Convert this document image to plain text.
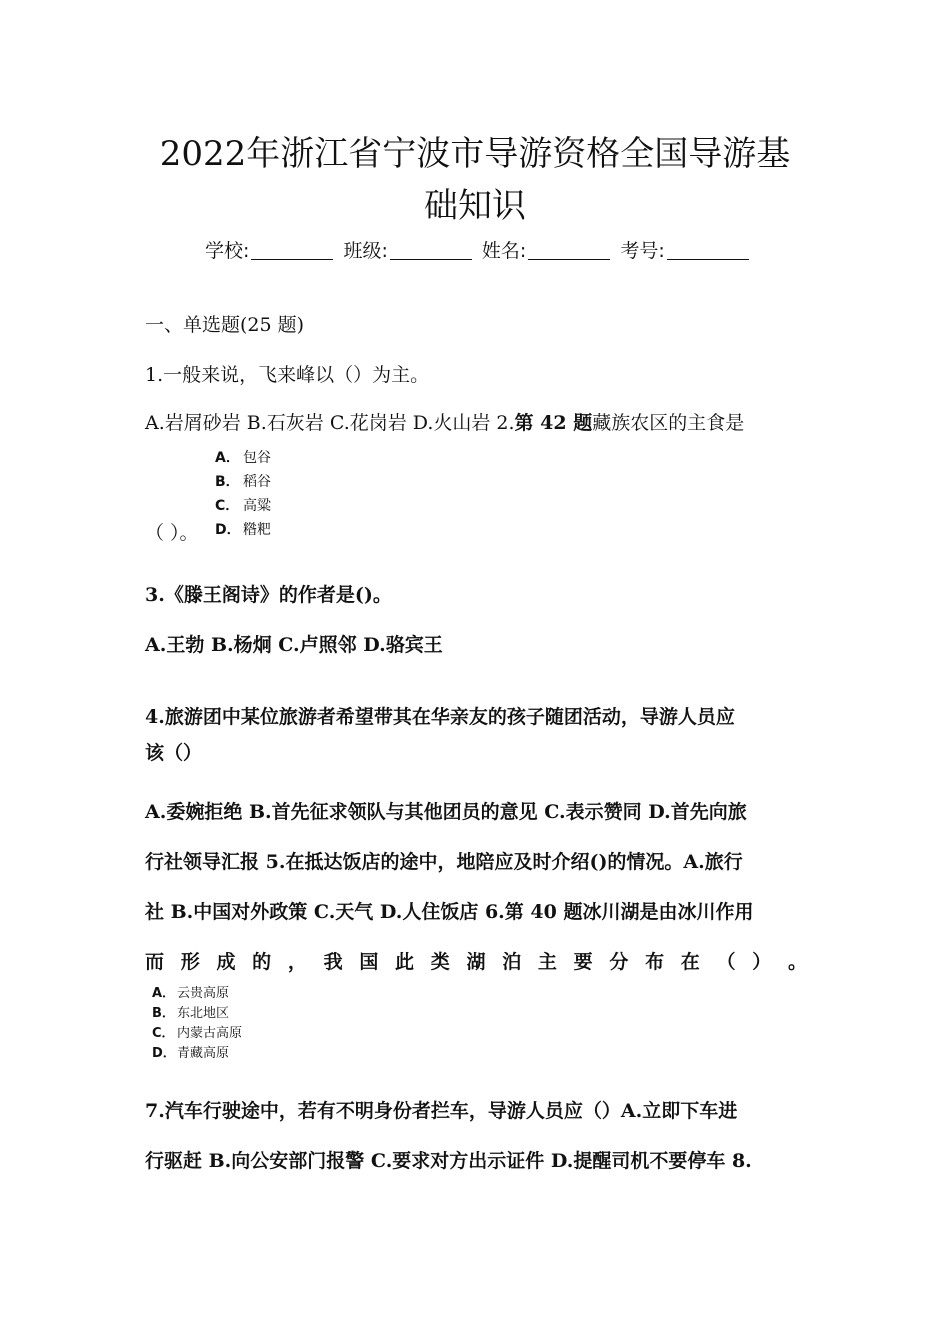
2022年浙江省宁波市导游资格全国导游基
础知识
学校:	班级:	姓名:	考号:
一、单选题(25 题)
1.一般来说，飞来峰以（）为主。
A.岩屑砂岩 B.石灰岩 C.花岗岩 D.火山岩 2.第 42 题藏族农区的主食是
A． 包谷
B． 稻谷
C． 高粱
D． 糌粑
（ ）。
3.《滕王阁诗》的作者是()。
A.王勃 B.杨炯 C.卢照邻 D.骆宾王
4.旅游团中某位旅游者希望带其在华亲友的孩子随团活动，导游人员应
该（）
A.委婉拒绝 B.首先征求领队与其他团员的意见 C.表示赞同 D.首先向旅
行社领导汇报 5.在抵达饭店的途中，地陪应及时介绍()的情况。A.旅行
社 B.中国对外政策 C.天气 D.人住饭店 6.第 40 题冰川湖是由冰川作用
而 形 成 的 ， 我 国 此 类 湖 泊 主 要 分 布 在 （ ） 。
A． 云贵高原
B． 东北地区
C． 内蒙古高原
D．青藏高原
7.汽车行驶途中，若有不明身份者拦车，导游人员应（）A.立即下车进
行驱赶 B.向公安部门报警 C.要求对方出示证件 D.提醒司机不要停车 8.
